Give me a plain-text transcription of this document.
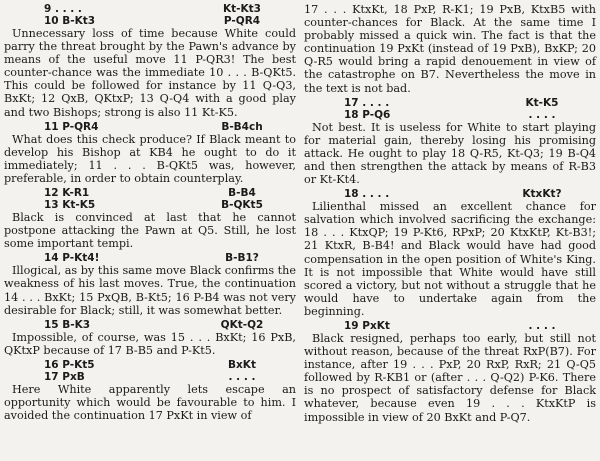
9 . . . .	Kt-Kt3
10 B-Kt3	P-QR4

Unnecessary loss of time because White could parry the threat brought by the Pawn's advance by means of the useful move 11 P-QR3! The best counter-chance was the immediate 10 . . . B-QKt5. This could be followed for instance by 11 Q-Q3, BxKt; 12 QxB, QKtxP; 13 Q-Q4 with a good play and two Bishops; strong is also 11 Kt-K5.

11 P-QR4	B-B4ch

What does this check produce? If Black meant to develop his Bishop at KB4 he ought to do it immediately; 11 . . . B-QKt5 was, however, preferable, in order to obtain counterplay.

12 K-R1	B-B4
13 Kt-K5	B-QKt5

Black is convinced at last that he cannot postpone attacking the Pawn at Q5. Still, he lost some important tempi.

14 P-Kt4!	B-B1?

Illogical, as by this same move Black confirms the weakness of his last moves. True, the continuation 14 . . . BxKt; 15 PxQB, B-Kt5; 16 P-B4 was not very desirable for Black; still, it was somewhat better.

15 B-K3	QKt-Q2

Impossible, of course, was 15 . . . BxKt; 16 PxB, QKtxP because of 17 B-B5 and P-Kt5.

16 P-Kt5	BxKt
17 PxB	. . . .

Here White apparently lets escape an opportunity which would be favourable to him. I avoided the continuation 17 PxKt in view of

17 . . . KtxKt, 18 PxP, R-K1; 19 PxB, KtxB5 with counter-chances for Black. At the same time I probably missed a quick win. The fact is that the continuation 19 PxKt (instead of 19 PxB), BxKP; 20 Q-R5 would bring a rapid denouement in view of the catastrophe on B7. Nevertheless the move in the text is not bad.

17 . . . .	Kt-K5
18 P-Q6	. . . .

Not best. It is useless for White to start playing for material gain, thereby losing his promising attack. He ought to play 18 Q-R5, Kt-Q3; 19 B-Q4 and then strengthen the attack by means of R-B3 or Kt-Kt4.

18 . . . .	KtxKt?

Lilienthal missed an excellent chance for salvation which involved sacrificing the exchange: 18 . . . KtxQP; 19 P-Kt6, RPxP; 20 KtxKtP, Kt-B3!; 21 KtxR, B-B4! and Black would have had good compensation in the open position of White's King. It is not impossible that White would have still scored a victory, but not without a struggle that he would have to undertake again from the beginning.

19 PxKt	. . . .

Black resigned, perhaps too early, but still not without reason, because of the threat RxP(B7). For instance, after 19 . . . PxP, 20 RxP, RxR; 21 Q-Q5 followed by R-KB1 or (after . . . Q-Q2) P-K6. There is no prospect of satisfactory defense for Black whatever, because even 19 . . . KtxKtP is impossible in view of 20 BxKt and P-Q7.
